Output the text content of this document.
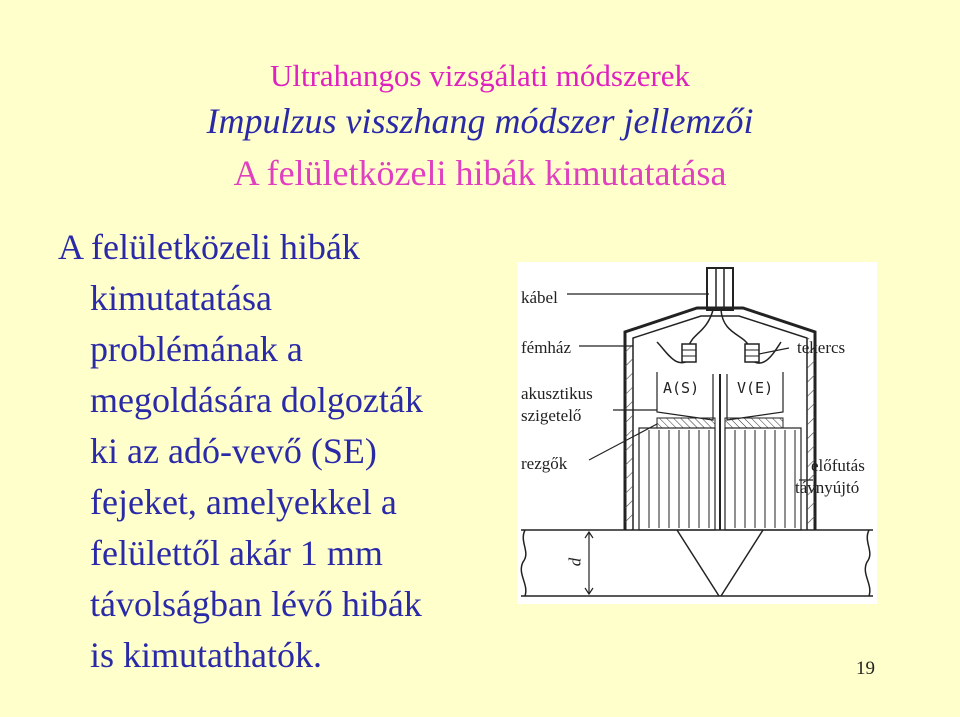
Ultrahangos vizsgálati módszerek
Impulzus visszhang módszer jellemzői
A felületközeli hibák kimutatatása
A felületközeli hibák
kimutatatása
problémának a
megoldására dolgozták
ki az adó-vevő (SE)
fejeket, amelyekkel a
felülettől akár 1 mm
távolságban lévő hibák
is kimutathatók.
kábel
fémház
akusztikus
szigetelő
rezgők
tekercs
előfutás
távnyújtó
A(S)	V(E)
d
19
